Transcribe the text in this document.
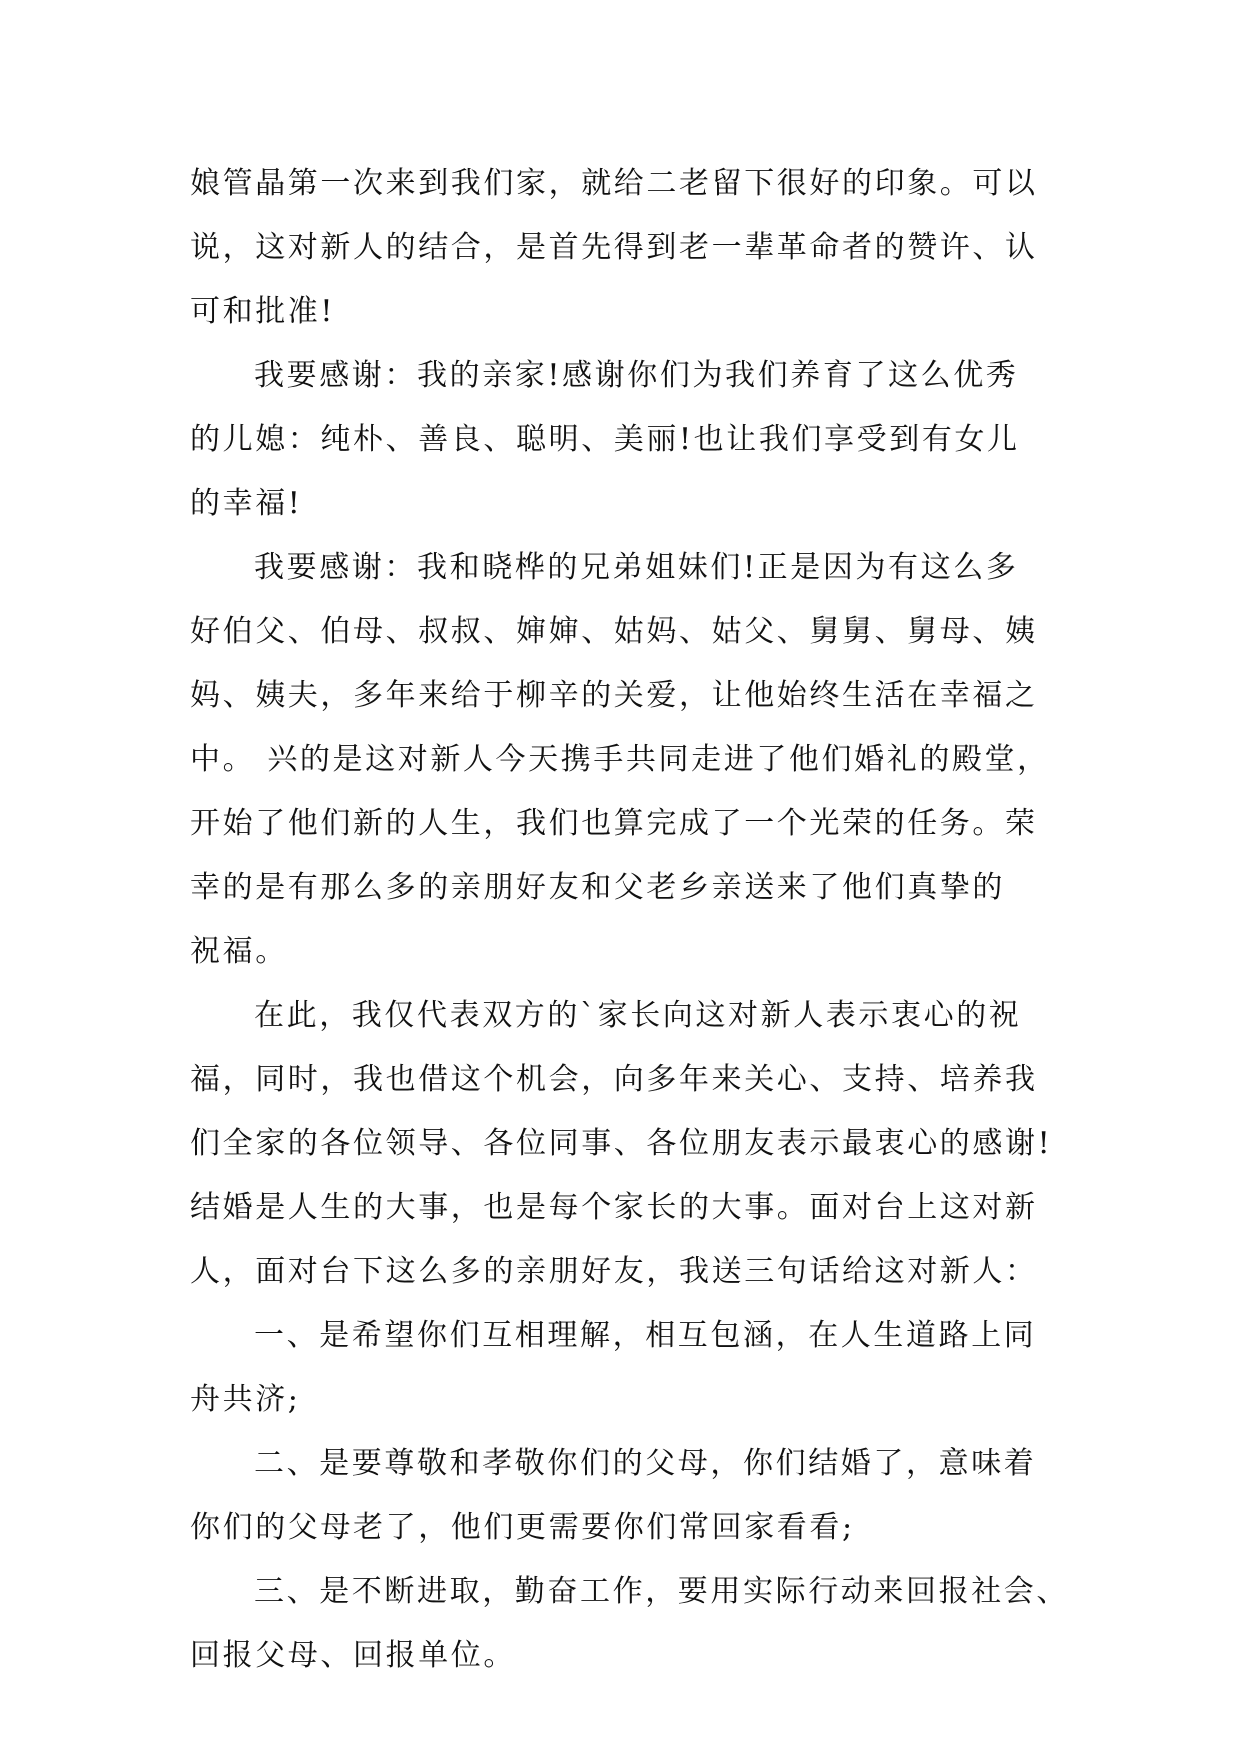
娘管晶第一次来到我们家，就给二老留下很好的印象。可以
说，这对新人的结合，是首先得到老一辈革命者的赞许、认
可和批准!

我要感谢：我的亲家!感谢你们为我们养育了这么优秀
的儿媳：纯朴、善良、聪明、美丽!也让我们享受到有女儿
的幸福!

我要感谢：我和晓桦的兄弟姐妹们!正是因为有这么多
好伯父、伯母、叔叔、婶婶、姑妈、姑父、舅舅、舅母、姨
妈、姨夫，多年来给于柳辛的关爱，让他始终生活在幸福之
中。 兴的是这对新人今天携手共同走进了他们婚礼的殿堂，
开始了他们新的人生，我们也算完成了一个光荣的任务。荣
幸的是有那么多的亲朋好友和父老乡亲送来了他们真挚的
祝福。

在此，我仅代表双方的`家长向这对新人表示衷心的祝
福，同时，我也借这个机会，向多年来关心、支持、培养我
们全家的各位领导、各位同事、各位朋友表示最衷心的感谢!
结婚是人生的大事，也是每个家长的大事。面对台上这对新
人，面对台下这么多的亲朋好友，我送三句话给这对新人：

一、是希望你们互相理解，相互包涵，在人生道路上同
舟共济;

二、是要尊敬和孝敬你们的父母，你们结婚了，意味着
你们的父母老了，他们更需要你们常回家看看;

三、是不断进取，勤奋工作，要用实际行动来回报社会、
回报父母、回报单位。
